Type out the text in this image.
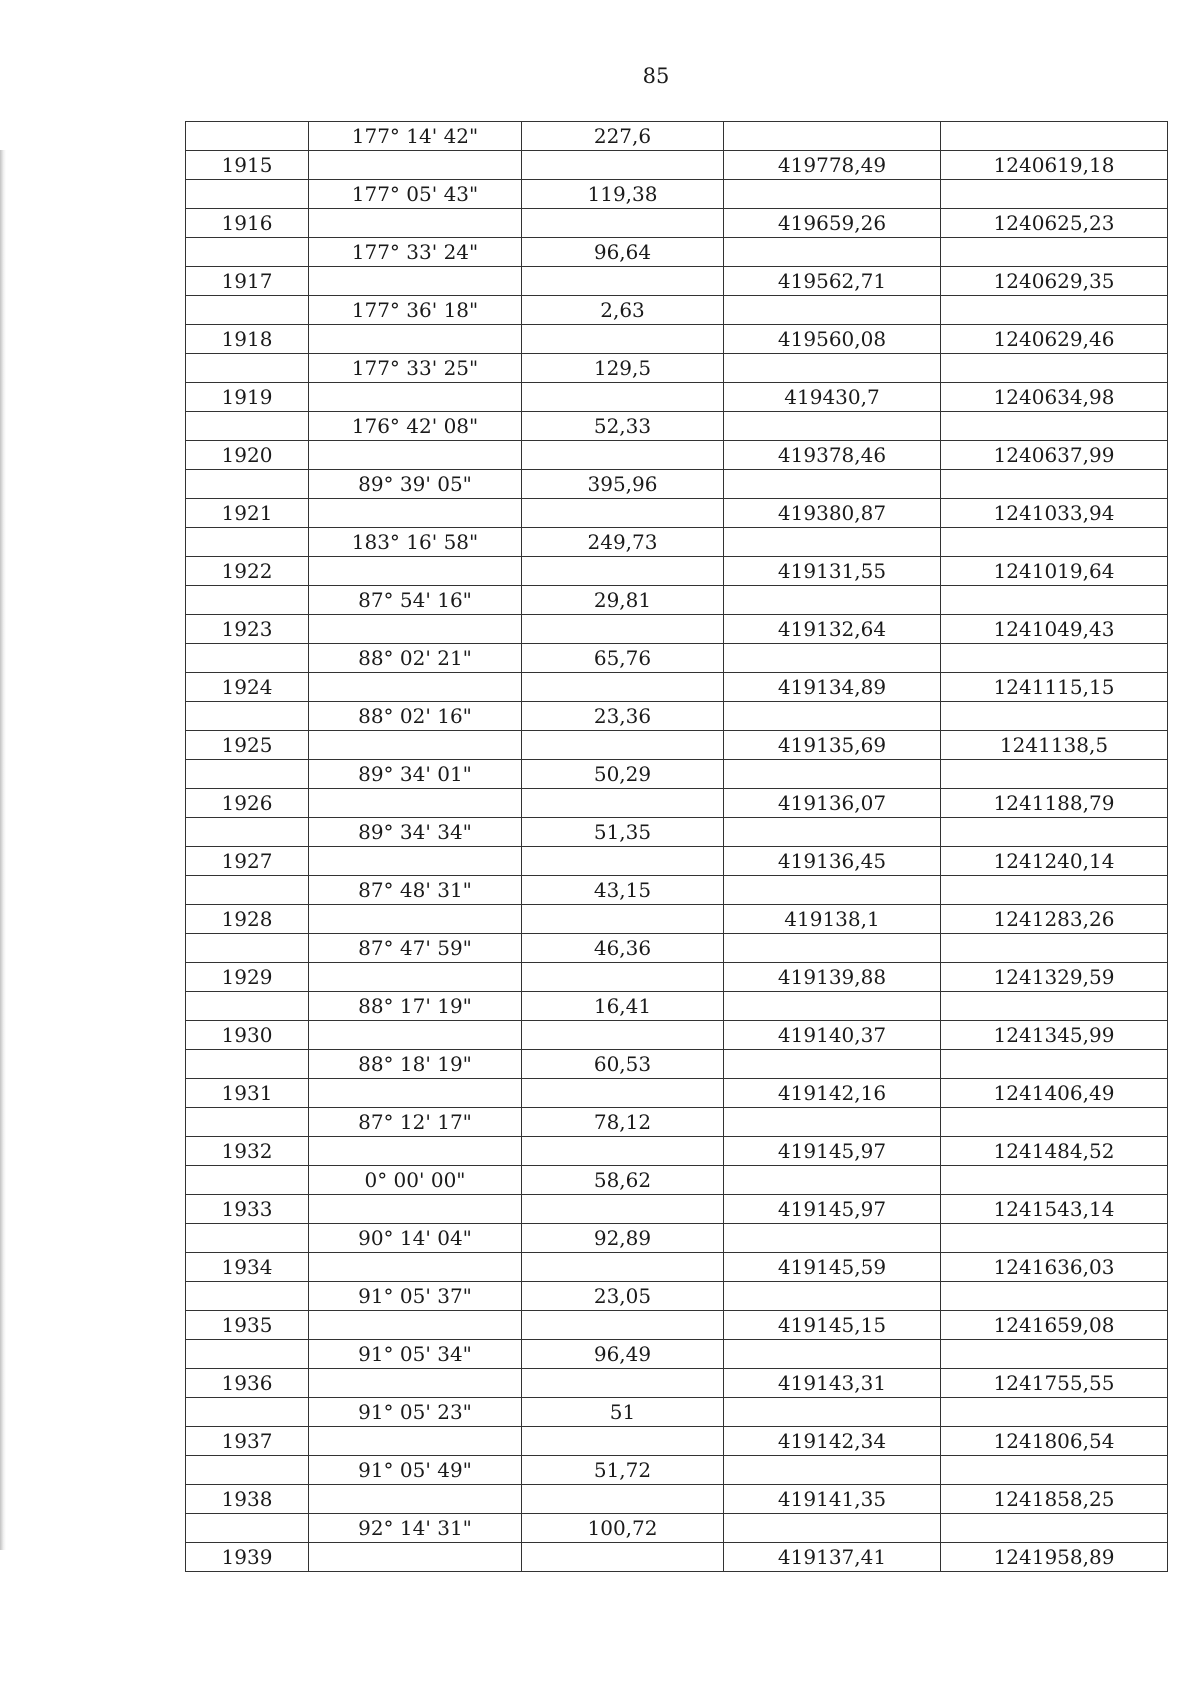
85
	177° 14' 42"	227,6		
1915			419778,49	1240619,18
	177° 05' 43"	119,38		
1916			419659,26	1240625,23
	177° 33' 24"	96,64		
1917			419562,71	1240629,35
	177° 36' 18"	2,63		
1918			419560,08	1240629,46
	177° 33' 25"	129,5		
1919			419430,7	1240634,98
	176° 42' 08"	52,33		
1920			419378,46	1240637,99
	89° 39' 05"	395,96		
1921			419380,87	1241033,94
	183° 16' 58"	249,73		
1922			419131,55	1241019,64
	87° 54' 16"	29,81		
1923			419132,64	1241049,43
	88° 02' 21"	65,76		
1924			419134,89	1241115,15
	88° 02' 16"	23,36		
1925			419135,69	1241138,5
	89° 34' 01"	50,29		
1926			419136,07	1241188,79
	89° 34' 34"	51,35		
1927			419136,45	1241240,14
	87° 48' 31"	43,15		
1928			419138,1	1241283,26
	87° 47' 59"	46,36		
1929			419139,88	1241329,59
	88° 17' 19"	16,41		
1930			419140,37	1241345,99
	88° 18' 19"	60,53		
1931			419142,16	1241406,49
	87° 12' 17"	78,12		
1932			419145,97	1241484,52
	0° 00' 00"	58,62		
1933			419145,97	1241543,14
	90° 14' 04"	92,89		
1934			419145,59	1241636,03
	91° 05' 37"	23,05		
1935			419145,15	1241659,08
	91° 05' 34"	96,49		
1936			419143,31	1241755,55
	91° 05' 23"	51		
1937			419142,34	1241806,54
	91° 05' 49"	51,72		
1938			419141,35	1241858,25
	92° 14' 31"	100,72		
1939			419137,41	1241958,89
